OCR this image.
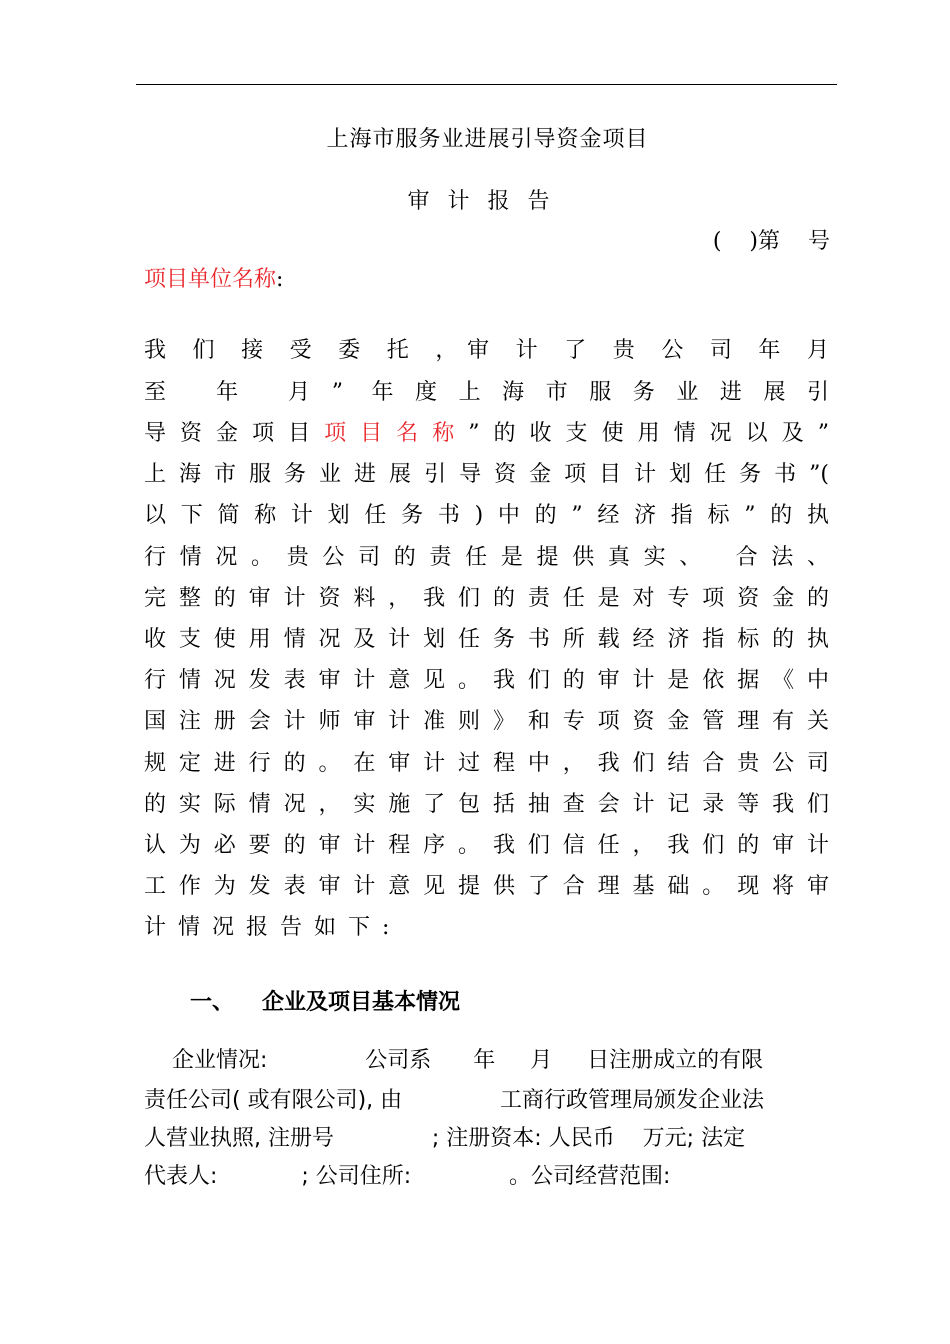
上海市服务业进展引导资金项目
审计报告
(    )第    号
项目单位名称:
我 们 接 受 委 托 ，审 计 了 贵 公 司 年 月
至 年 月” 年度上海市服务业进展引
导资金项目项目名称”的收支使用情况以及”
上海市服务业进展引导资金项目计划任务书”(
以下简称计划任务书)中的”经济指标”的执
行情况。贵公司的责任是提供真实、 合法、
完整的审计资料，我们的责任是对专项资金的
收支使用情况及计划任务书所载经济指标的执
行情况发表审计意见。我们的审计是依据《中
国注册会计师审计准则》和专项资金管理有关
规定进行的。在审计过程中，我们结合贵公司
的实际情况，实施了包括抽查会计记录等我们
认为必要的审计程序。我们信任，我们的审计
工作为发表审计意见提供了合理基础。现将审
计情况报告如下:
一、 企业及项目基本情况
企业情况:              公司系      年     月     日注册成立的有限
责任公司( 或有限公司), 由              工商行政管理局颁发企业法
人营业执照, 注册号              ; 注册资本: 人民币    万元; 法定
代表人:            ; 公司住所:              。公司经营范围:
